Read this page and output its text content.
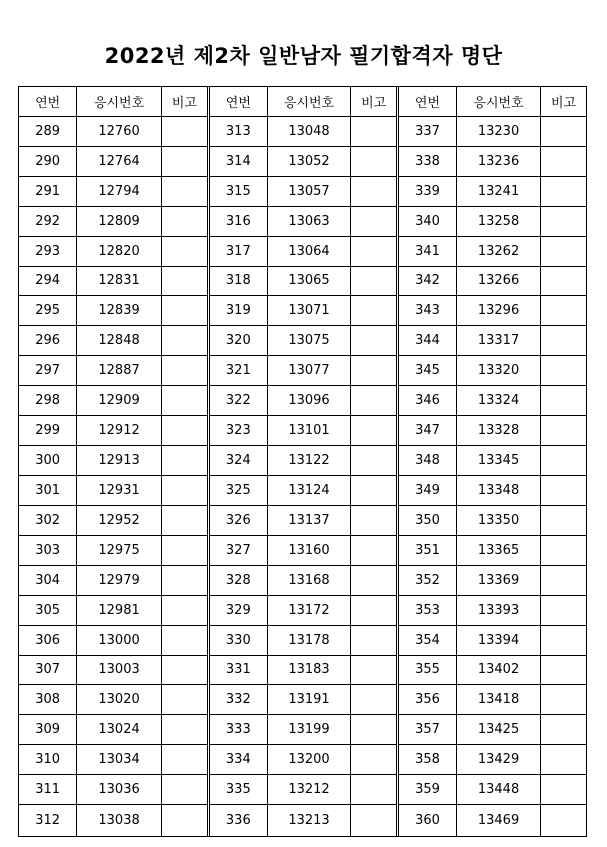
2022년 제2차 일반남자 필기합격자 명단
연번	응시번호	비고
289	12760
290	12764
291	12794
292	12809
293	12820
294	12831
295	12839
296	12848
297	12887
298	12909
299	12912
300	12913
301	12931
302	12952
303	12975
304	12979
305	12981
306	13000
307	13003
308	13020
309	13024
310	13034
311	13036
312	13038
연번	응시번호	비고
313	13048
314	13052
315	13057
316	13063
317	13064
318	13065
319	13071
320	13075
321	13077
322	13096
323	13101
324	13122
325	13124
326	13137
327	13160
328	13168
329	13172
330	13178
331	13183
332	13191
333	13199
334	13200
335	13212
336	13213
연번	응시번호	비고
337	13230
338	13236
339	13241
340	13258
341	13262
342	13266
343	13296
344	13317
345	13320
346	13324
347	13328
348	13345
349	13348
350	13350
351	13365
352	13369
353	13393
354	13394
355	13402
356	13418
357	13425
358	13429
359	13448
360	13469
